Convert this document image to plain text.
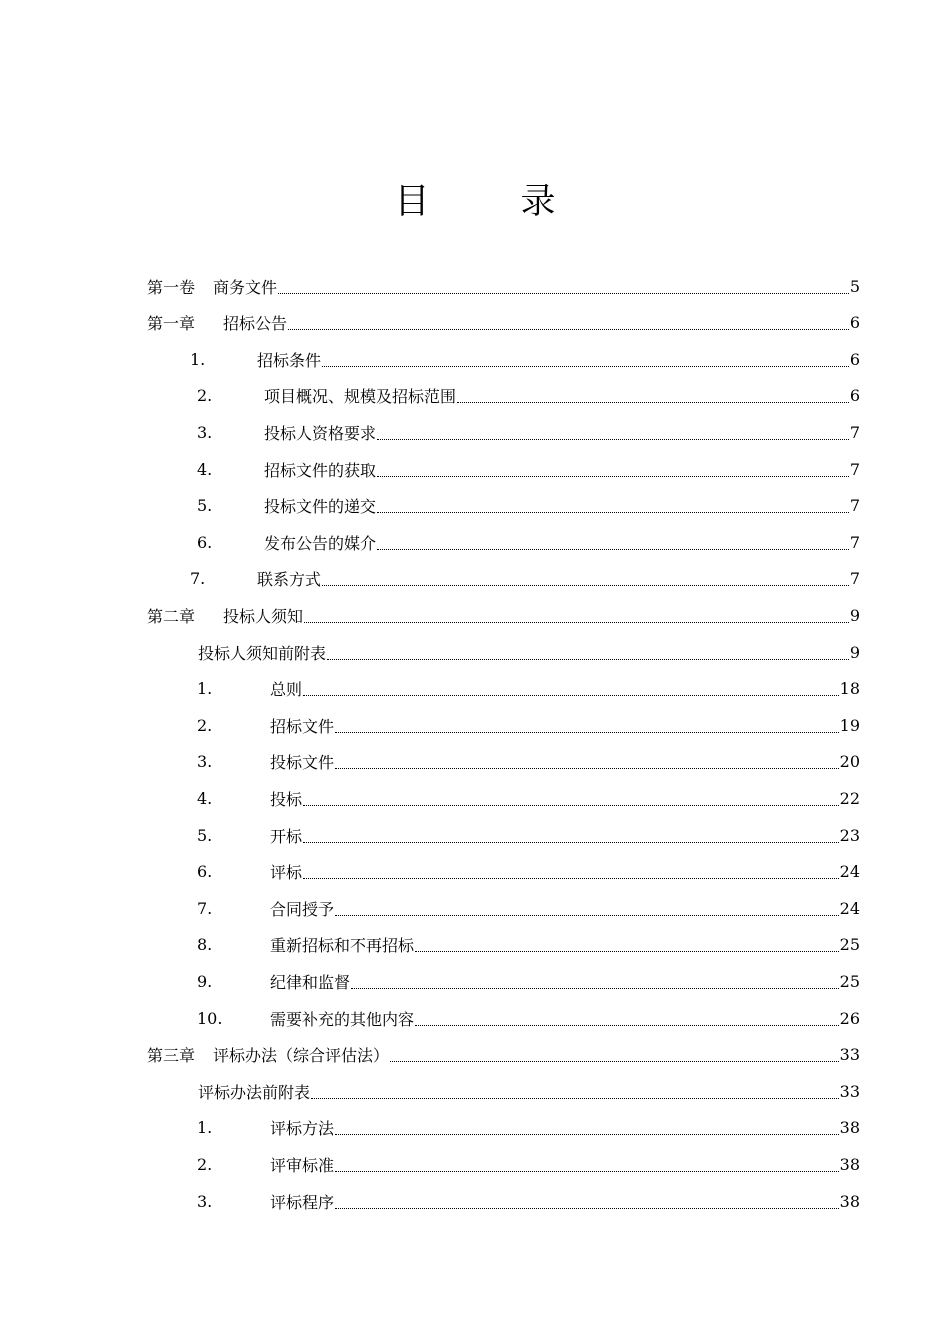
目　录
第一卷	商务文件	5
第一章	招标公告	6
1.	招标条件	6
2.	项目概况、规模及招标范围	6
3.	投标人资格要求	7
4.	招标文件的获取	7
5.	投标文件的递交	7
6.	发布公告的媒介	7
7.	联系方式	7
第二章	投标人须知	9
投标人须知前附表	9
1.	总则	18
2.	招标文件	19
3.	投标文件	20
4.	投标	22
5.	开标	23
6.	评标	24
7.	合同授予	24
8.	重新招标和不再招标	25
9.	纪律和监督	25
10.	需要补充的其他内容	26
第三章	评标办法（综合评估法）	33
评标办法前附表	33
1.	评标方法	38
2.	评审标准	38
3.	评标程序	38
